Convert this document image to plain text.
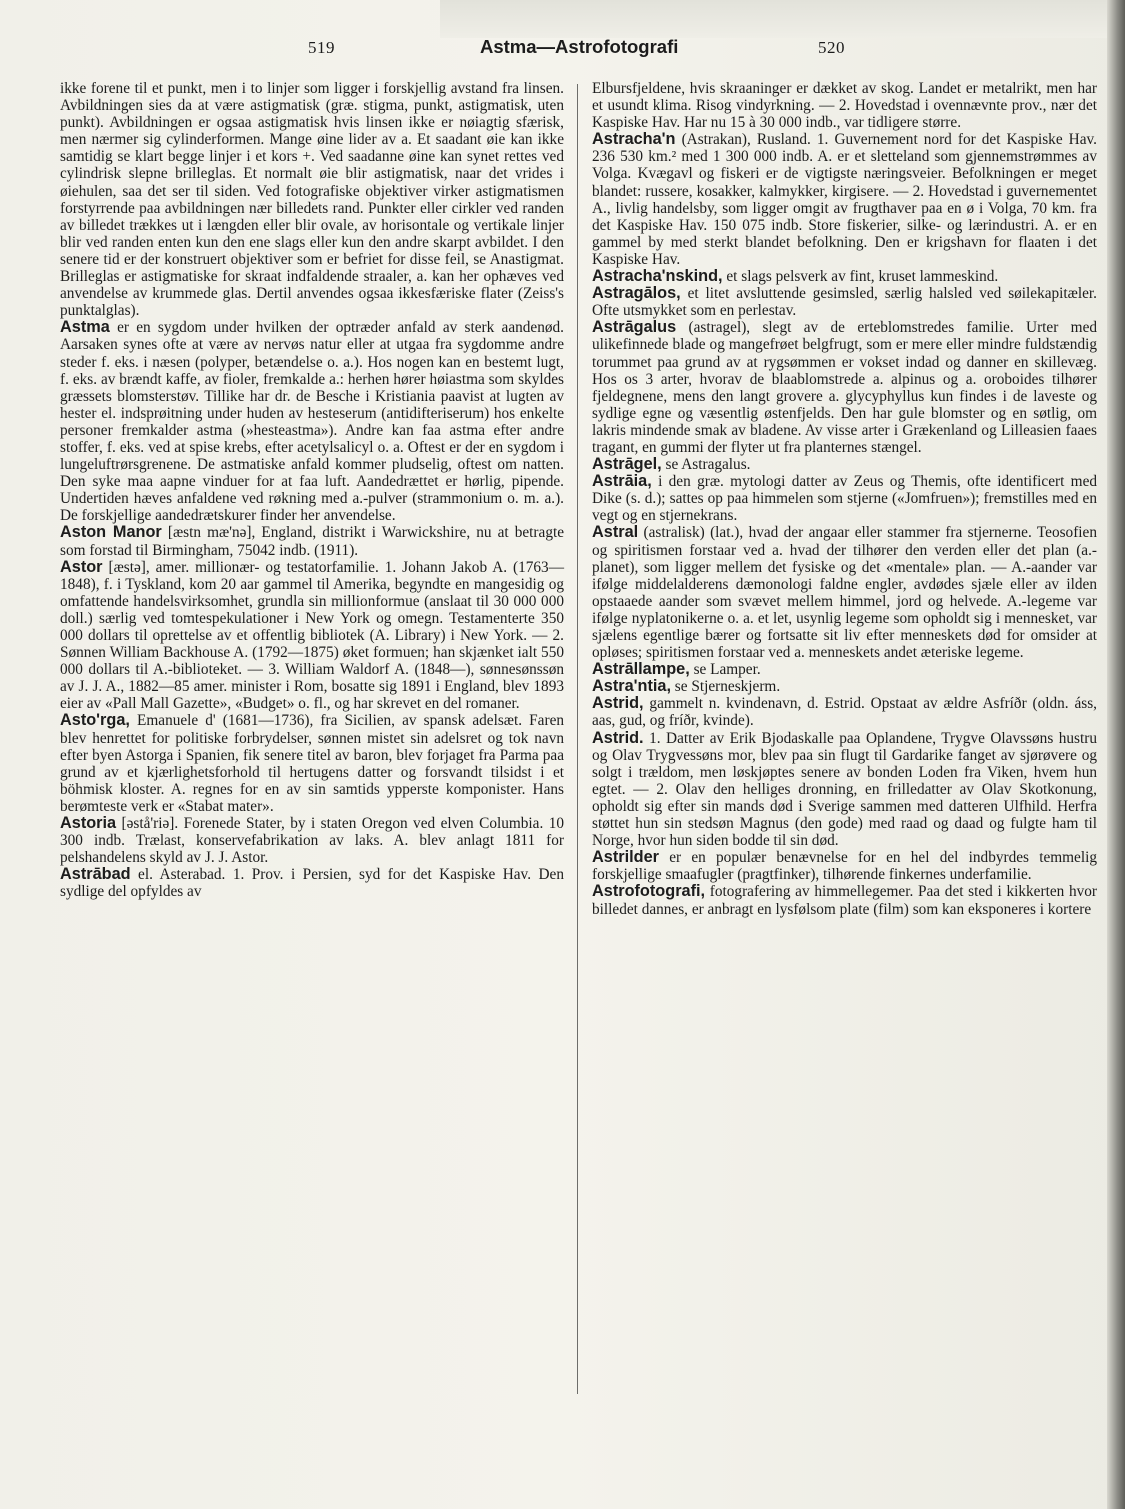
519	Astma—Astrofotografi	520

ikke forene til et punkt, men i to linjer som ligger i forskjellig avstand fra linsen. Avbildningen sies da at være astigmatisk (græ. stigma, punkt, astigmatisk, uten punkt). Avbildningen er ogsaa astigmatisk hvis linsen ikke er nøiagtig sfærisk, men nærmer sig cylinderformen. Mange øine lider av a. Et saadant øie kan ikke samtidig se klart begge linjer i et kors +. Ved saadanne øine kan synet rettes ved cylindrisk slepne brilleglas. Et normalt øie blir astigmatisk, naar det vrides i øiehulen, saa det ser til siden. Ved fotografiske objektiver virker astigmatismen forstyrrende paa avbildningen nær billedets rand. Punkter eller cirkler ved randen av billedet trækkes ut i længden eller blir ovale, av horisontale og vertikale linjer blir ved randen enten kun den ene slags eller kun den andre skarpt avbildet. I den senere tid er der konstruert objektiver som er befriet for disse feil, se Anastigmat. Brilleglas er astigmatiske for skraat indfaldende straaler, a. kan her ophæves ved anvendelse av krummede glas. Dertil anvendes ogsaa ikkesfæriske flater (Zeiss's punktalglas).

Astma er en sygdom under hvilken der optræder anfald av sterk aandenød. Aarsaken synes ofte at være av nervøs natur eller at utgaa fra sygdomme andre steder f. eks. i næsen (polyper, betændelse o. a.). Hos nogen kan en bestemt lugt, f. eks. av brændt kaffe, av fioler, fremkalde a.: herhen hører høiastma som skyldes græssets blomsterstøv. Tillike har dr. de Besche i Kristiania paavist at lugten av hester el. indsprøitning under huden av hesteserum (antidifteriserum) hos enkelte personer fremkalder astma (»hesteastma»). Andre kan faa astma efter andre stoffer, f. eks. ved at spise krebs, efter acetylsalicyl o. a. Oftest er der en sygdom i lungeluftrørsgrenene. De astmatiske anfald kommer pludselig, oftest om natten. Den syke maa aapne vinduer for at faa luft. Aandedrættet er hørlig, pipende. Undertiden hæves anfaldene ved røkning med a.-pulver (strammonium o. m. a.). De forskjellige aandedrætskurer finder her anvendelse.

Aston Manor [æstn mæ'nə], England, distrikt i Warwickshire, nu at betragte som forstad til Birmingham, 75042 indb. (1911).

Astor [æstə], amer. millionær- og testatorfamilie. 1. Johann Jakob A. (1763—1848), f. i Tyskland, kom 20 aar gammel til Amerika, begyndte en mangesidig og omfattende handelsvirksomhet, grundla sin millionformue (anslaat til 30 000 000 doll.) særlig ved tomtespekulationer i New York og omegn. Testamenterte 350 000 dollars til oprettelse av et offentlig bibliotek (A. Library) i New York. — 2. Sønnen William Backhouse A. (1792—1875) øket formuen; han skjænket ialt 550 000 dollars til A.-biblioteket. — 3. William Waldorf A. (1848—), sønnesønssøn av J. J. A., 1882—85 amer. minister i Rom, bosatte sig 1891 i England, blev 1893 eier av «Pall Mall Gazette», «Budget» o. fl., og har skrevet en del romaner.

Asto'rga, Emanuele d' (1681—1736), fra Sicilien, av spansk adelsæt. Faren blev henrettet for politiske forbrydelser, sønnen mistet sin adelsret og tok navn efter byen Astorga i Spanien, fik senere titel av baron, blev forjaget fra Parma paa grund av et kjærlighetsforhold til hertugens datter og forsvandt tilsidst i et böhmisk kloster. A. regnes for en av sin samtids ypperste komponister. Hans berømteste verk er «Stabat mater».

Astoria [əstå'riə]. Forenede Stater, by i staten Oregon ved elven Columbia. 10 300 indb. Trælast, konservefabrikation av laks. A. blev anlagt 1811 for pelshandelens skyld av J. J. Astor.

Astrābad el. Asterabad. 1. Prov. i Persien, syd for det Kaspiske Hav. Den sydlige del opfyldes av

Elbursfjeldene, hvis skraaninger er dækket av skog. Landet er metalrikt, men har et usundt klima. Risog vindyrkning. — 2. Hovedstad i ovennævnte prov., nær det Kaspiske Hav. Har nu 15 à 30 000 indb., var tidligere større.

Astracha'n (Astrakan), Rusland. 1. Guvernement nord for det Kaspiske Hav. 236 530 km.² med 1 300 000 indb. A. er et sletteland som gjennemstrømmes av Volga. Kvægavl og fiskeri er de vigtigste næringsveier. Befolkningen er meget blandet: russere, kosakker, kalmykker, kirgisere. — 2. Hovedstad i guvernementet A., livlig handelsby, som ligger omgit av frugthaver paa en ø i Volga, 70 km. fra det Kaspiske Hav. 150 075 indb. Store fiskerier, silke- og lærindustri. A. er en gammel by med sterkt blandet befolkning. Den er krigshavn for flaaten i det Kaspiske Hav.

Astracha'nskind, et slags pelsverk av fint, kruset lammeskind.

Astragālos, et litet avsluttende gesimsled, særlig halsled ved søilekapitæler. Ofte utsmykket som en perlestav.

Astrāgalus (astragel), slegt av de erteblomstredes familie. Urter med ulikefinnede blade og mangefrøet belgfrugt, som er mere eller mindre fuldstændig torummet paa grund av at rygsømmen er vokset indad og danner en skillevæg. Hos os 3 arter, hvorav de blaablomstrede a. alpinus og a. oroboides tilhører fjeldegnene, mens den langt grovere a. glycyphyllus kun findes i de laveste og sydlige egne og væsentlig østenfjelds. Den har gule blomster og en søtlig, om lakris mindende smak av bladene. Av visse arter i Grækenland og Lilleasien faaes tragant, en gummi der flyter ut fra planternes stængel.

Astrāgel, se Astragalus.

Astrāia, i den græ. mytologi datter av Zeus og Themis, ofte identificert med Dike (s. d.); sattes op paa himmelen som stjerne («Jomfruen»); fremstilles med en vegt og en stjernekrans.

Astral (astralisk) (lat.), hvad der angaar eller stammer fra stjernerne. Teosofien og spiritismen forstaar ved a. hvad der tilhører den verden eller det plan (a.-planet), som ligger mellem det fysiske og det «mentale» plan. — A.-aander var ifølge middelalderens dæmonologi faldne engler, avdødes sjæle eller av ilden opstaaede aander som svævet mellem himmel, jord og helvede. A.-legeme var ifølge nyplatonikerne o. a. et let, usynlig legeme som opholdt sig i mennesket, var sjælens egentlige bærer og fortsatte sit liv efter menneskets død for omsider at opløses; spiritismen forstaar ved a. menneskets andet æteriske legeme.

Astrāllampe, se Lamper.

Astra'ntia, se Stjerneskjerm.

Astrid, gammelt n. kvindenavn, d. Estrid. Opstaat av ældre Asfríðr (oldn. áss, aas, gud, og fríðr, kvinde).

Astrid. 1. Datter av Erik Bjodaskalle paa Oplandene, Trygve Olavssøns hustru og Olav Trygvessøns mor, blev paa sin flugt til Gardarike fanget av sjørøvere og solgt i trældom, men løskjøptes senere av bonden Loden fra Viken, hvem hun egtet. — 2. Olav den helliges dronning, en frilledatter av Olav Skotkonung, opholdt sig efter sin mands død i Sverige sammen med datteren Ulfhild. Herfra støttet hun sin stedsøn Magnus (den gode) med raad og daad og fulgte ham til Norge, hvor hun siden bodde til sin død.

Astrilder er en populær benævnelse for en hel del indbyrdes temmelig forskjellige smaafugler (pragtfinker), tilhørende finkernes underfamilie.

Astrofotografi, fotografering av himmellegemer. Paa det sted i kikkerten hvor billedet dannes, er anbragt en lysfølsom plate (film) som kan eksponeres i kortere
